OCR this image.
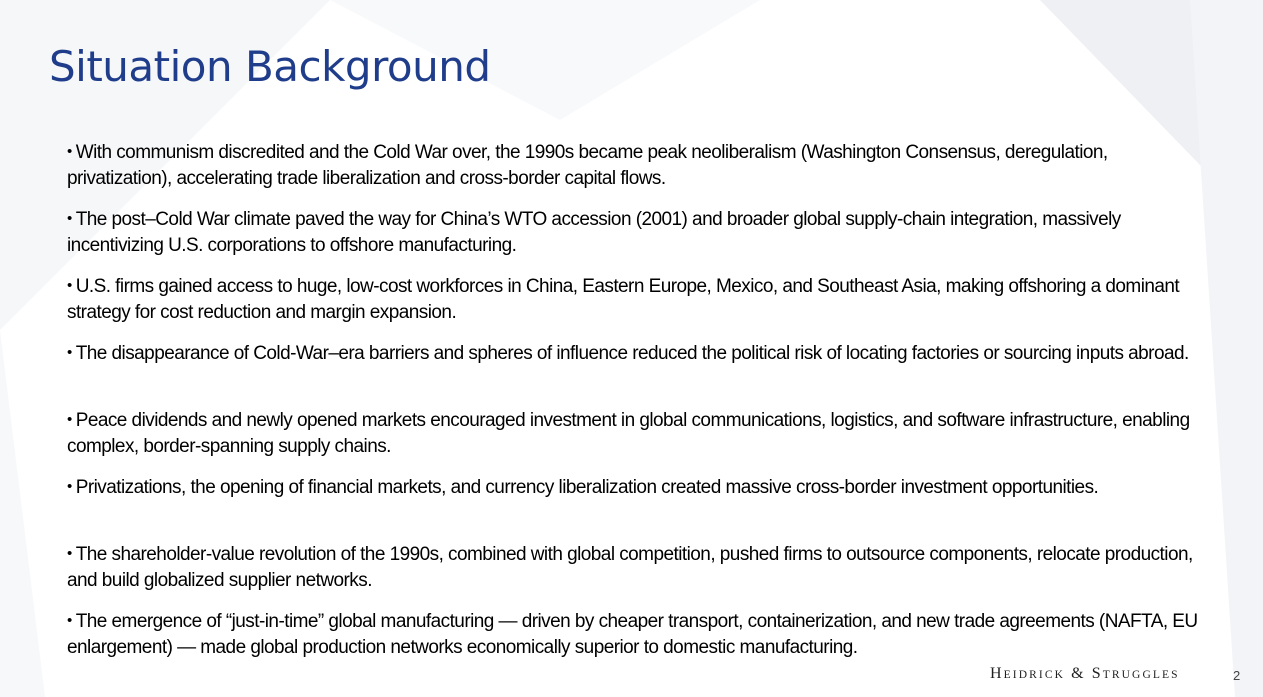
Situation Background
• With communism discredited and the Cold War over, the 1990s became peak neoliberalism (Washington Consensus, deregulation, privatization), accelerating trade liberalization and cross-border capital flows.
• The post–Cold War climate paved the way for China’s WTO accession (2001) and broader global supply-chain integration, massively incentivizing U.S. corporations to offshore manufacturing.
• U.S. firms gained access to huge, low-cost workforces in China, Eastern Europe, Mexico, and Southeast Asia, making offshoring a dominant strategy for cost reduction and margin expansion.
• The disappearance of Cold-War–era barriers and spheres of influence reduced the political risk of locating factories or sourcing inputs abroad.
• Peace dividends and newly opened markets encouraged investment in global communications, logistics, and software infrastructure, enabling complex, border-spanning supply chains.
• Privatizations, the opening of financial markets, and currency liberalization created massive cross-border investment opportunities.
• The shareholder-value revolution of the 1990s, combined with global competition, pushed firms to outsource components, relocate production, and build globalized supplier networks.
• The emergence of “just-in-time” global manufacturing — driven by cheaper transport, containerization, and new trade agreements (NAFTA, EU enlargement) — made global production networks economically superior to domestic manufacturing.
HEIDRICK & STRUGGLES	2
